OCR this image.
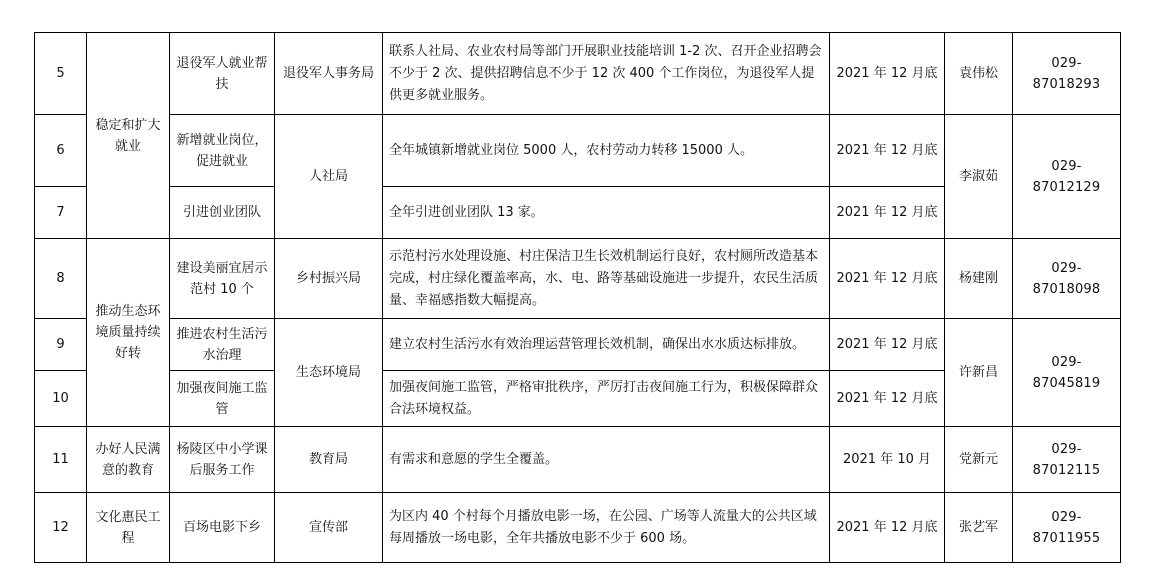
5	稳定和扩大就业	退役军人就业帮扶	退役军人事务局	联系人社局、农业农村局等部门开展职业技能培训 1-2 次、召开企业招聘会不少于 2 次、提供招聘信息不少于 12 次 400 个工作岗位，为退役军人提供更多就业服务。	2021 年 12 月底	袁伟松	029-87018293
6		新增就业岗位，促进就业	人社局	全年城镇新增就业岗位 5000 人，农村劳动力转移 15000 人。	2021 年 12 月底	李淑茹	029-87012129
7		引进创业团队		全年引进创业团队 13 家。	2021 年 12 月底		
8	推动生态环境质量持续好转	建设美丽宜居示范村 10 个	乡村振兴局	示范村污水处理设施、村庄保洁卫生长效机制运行良好，农村厕所改造基本完成，村庄绿化覆盖率高，水、电、路等基础设施进一步提升，农民生活质量、幸福感指数大幅提高。	2021 年 12 月底	杨建刚	029-87018098
9		推进农村生活污水治理	生态环境局	建立农村生活污水有效治理运营管理长效机制，确保出水水质达标排放。	2021 年 12 月底	许新昌	029-87045819
10		加强夜间施工监管		加强夜间施工监管，严格审批秩序，严厉打击夜间施工行为，积极保障群众合法环境权益。	2021 年 12 月底		
11	办好人民满意的教育	杨陵区中小学课后服务工作	教育局	有需求和意愿的学生全覆盖。	2021 年 10 月	党新元	029-87012115
12	文化惠民工程	百场电影下乡	宣传部	为区内 40 个村每个月播放电影一场，在公园、广场等人流量大的公共区域每周播放一场电影，全年共播放电影不少于 600 场。	2021 年 12 月底	张艺军	029-87011955
